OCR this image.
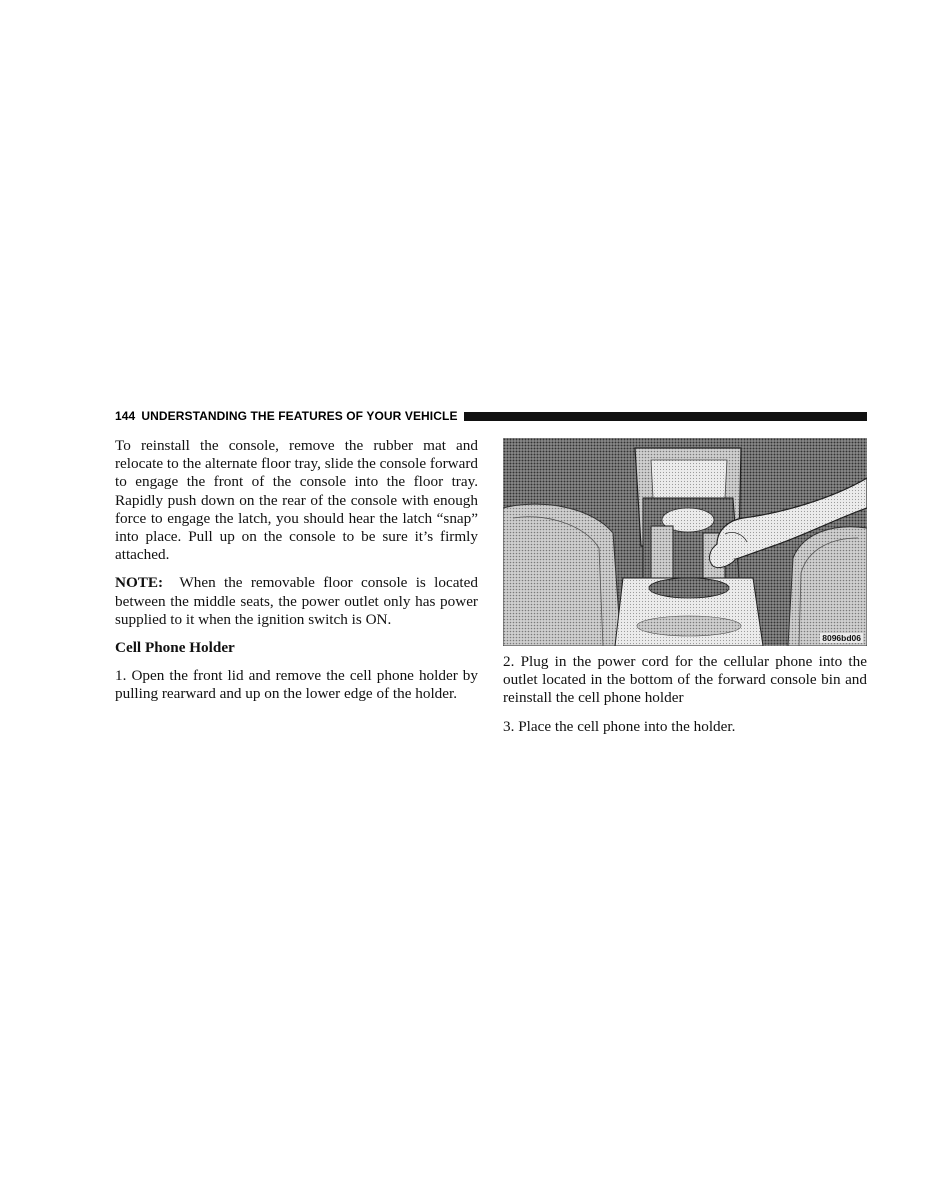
144 UNDERSTANDING THE FEATURES OF YOUR VEHICLE

To reinstall the console, remove the rubber mat and relocate to the alternate floor tray, slide the console forward to engage the front of the console into the floor tray. Rapidly push down on the rear of the console with enough force to engage the latch, you should hear the latch “snap” into place. Pull up on the console to be sure it’s firmly attached.

NOTE: When the removable floor console is located between the middle seats, the power outlet only has power supplied to it when the ignition switch is ON.

Cell Phone Holder

1. Open the front lid and remove the cell phone holder by pulling rearward and up on the lower edge of the holder.

8096bd06

2. Plug in the power cord for the cellular phone into the outlet located in the bottom of the forward console bin and reinstall the cell phone holder

3. Place the cell phone into the holder.
